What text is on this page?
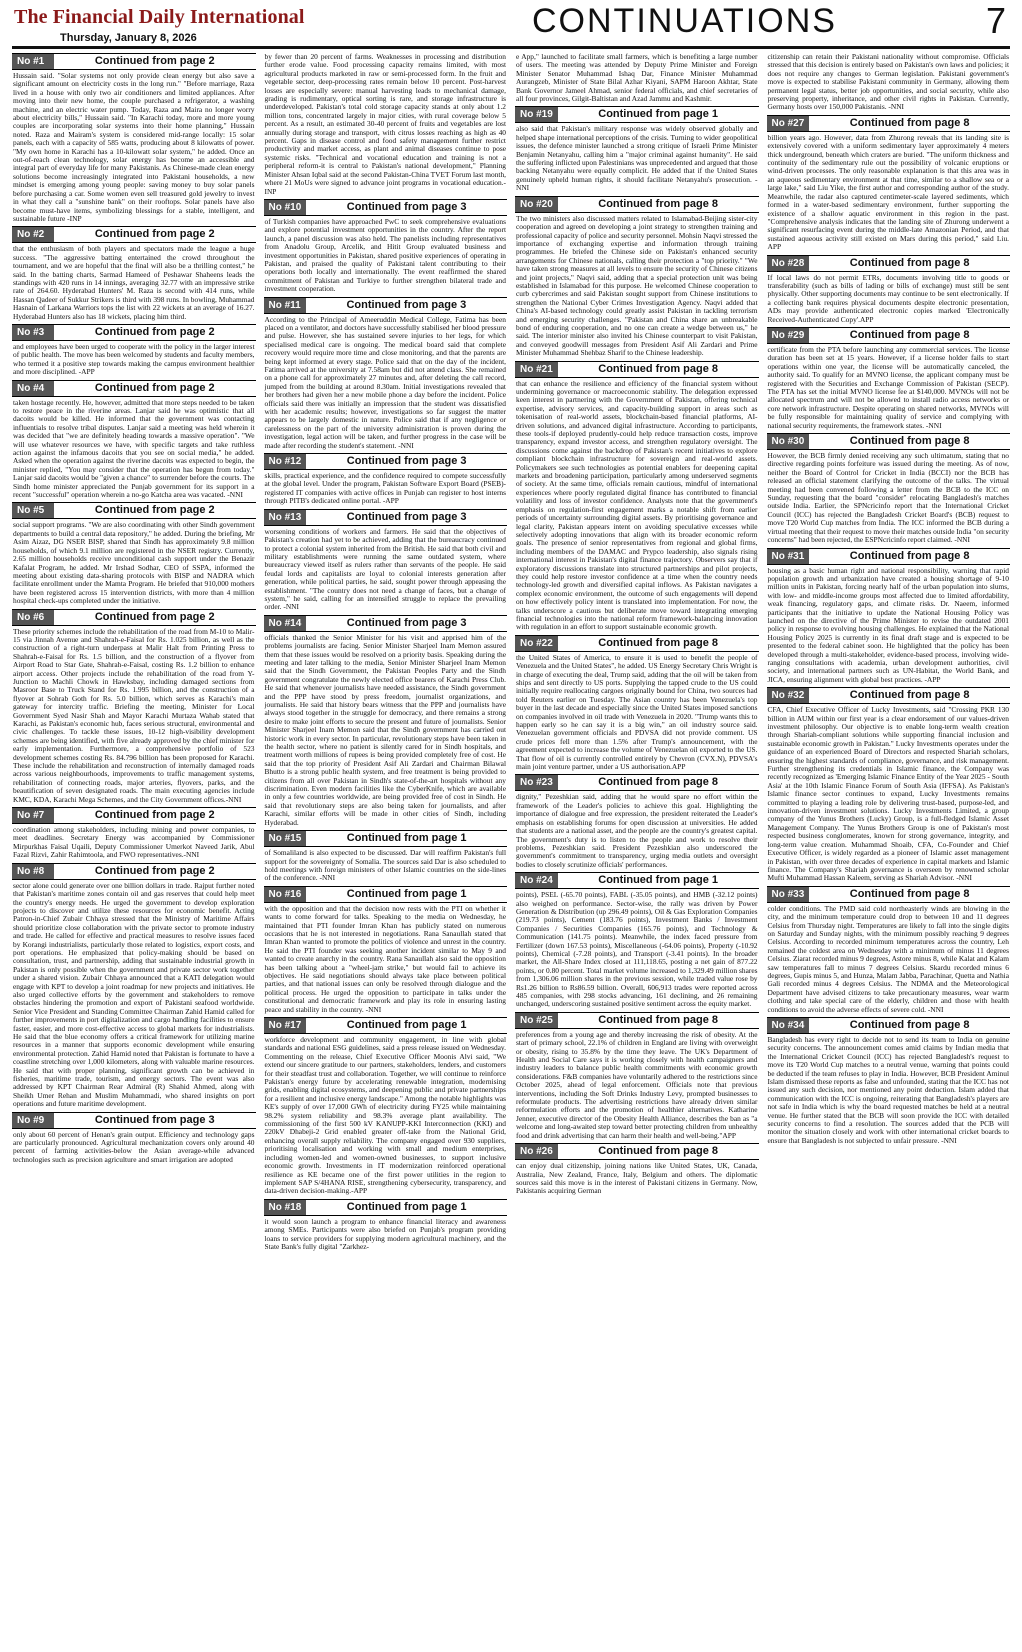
The Financial Daily International
Thursday, January 8, 2026	CONTINUATIONS	7
No #1	Continued from page 2

Hussain said. "Solar systems not only provide clean energy but also save a significant amount on electricity costs in the long run." "Before marriage, Raza lived in a house with only two air conditioners and limited appliances. After moving into their new home, the couple purchased a refrigerator, a washing machine, and an electric water pump. Today, Raza and Maira no longer worry about electricity bills," Hussain said. "In Karachi today, more and more young couples are incorporating solar systems into their home planning," Hussain noted. Raza and Mairam's system is considered mid-range locally: 15 solar panels, each with a capacity of 585 watts, producing about 8 kilowatts of power. "My own home in Karachi has a 10-kilowatt solar system," he added. Once an out-of-reach clean technology, solar energy has become an accessible and integral part of everyday life for many Pakistanis. As Chinese-made clean energy solutions become increasingly integrated into Pakistani households, a new mindset is emerging among young people: saving money to buy solar panels before purchasing a car. Some women even sell treasured gold jewelry to invest in what they call a "sunshine bank" on their rooftops. Solar panels have also become must-have items, symbolizing blessings for a stable, intelligent, and sustainable future -INP

No #2	Continued from page 2

that the enthusiasm of both players and spectators made the league a huge success. "The aggressive batting entertained the crowd throughout the tournament, and we are hopeful that the final will also be a thrilling contest," he said. In the batting charts, Sarmad Hameed of Peshawar Shaheens leads the standings with 420 runs in 14 innings, averaging 32.77 with an impressive strike rate of 264.60. Hyderabad Hunters' M. Raza is second with 414 runs, while Hassan Qadeer of Sukkur Strikers is third with 398 runs. In bowling, Muhammad Hasnain of Larkana Warriors tops the list with 22 wickets at an average of 16.27. Hyderabad Hunters also has 18 wickets, placing him third.

No #3	Continued from page 2

and employees have been urged to cooperate with the policy in the larger interest of public health. The move has been welcomed by students and faculty members, who termed it a positive step towards making the campus environment healthier and more disciplined. -APP

No #4	Continued from page 2

taken hostage recently. He, however, admitted that more steps needed to be taken to restore peace in the riverine areas. Lanjar said he was optimistic that all dacoits would be killed. He informed that the government was contacting influentials to resolve tribal disputes. Lanjar said a meeting was held wherein it was decided that "we are definitely heading towards a massive operation". "We will use whatever resources we have, with specific targets and take ruthless action against the infamous dacoits that you see on social media," he added. Asked when the operation against the riverine dacoits was expected to begin, the minister replied, "You may consider that the operation has begun from today." Lanjar said dacoits would be "given a chance" to surrender before the courts. The Sindh home minister appreciated the Punjab government for its support in a recent "successful" operation wherein a no-go Katcha area was vacated. -NNI

No #5	Continued from page 2

social support programs. "We are also coordinating with other Sindh government departments to build a central data repository," he added. During the briefing, Mr Asim Aizaz, DG NSER BISP, shared that Sindh has approximately 9.8 million households, of which 9.1 million are registered in the NSER registry. Currently, 2.65 million households receive unconditional cash support under the Benazir Kafalat Program, he added. Mr Irshad Sodhar, CEO of SSPA, informed the meeting about existing data-sharing protocols with BISP and NADRA which facilitate enrollment under the Mamta Program. He briefed that 910,000 mothers have been registered across 15 intervention districts, with more than 4 million hospital check-ups completed under the initiative.

No #6	Continued from page 2

These priority schemes include the rehabilitation of the road from M-10 to Malir-15 via Jinnah Avenue and Shahrah-e-Faisal for Rs. 1.025 billion, as well as the construction of a right-turn underpass at Malir Halt from Printing Press to Shahrah-e-Faisal for Rs. 1.5 billion, and the construction of a flyover from Airport Road to Star Gate, Shahrah-e-Faisal, costing Rs. 1.2 billion to enhance airport access. Other projects include the rehabilitation of the road from Y-Junction to Machli Chowk in Hawksbay, including damaged sections from Masroor Base to Truck Stand for Rs. 1.995 billion, and the construction of a flyover at Sohrab Goth for Rs. 5.0 billion, which serves as Karachi's main gateway for intercity traffic. Briefing the meeting, Minister for Local Government Syed Nasir Shah and Mayor Karachi Murtaza Wahab stated that Karachi, as Pakistan's economic hub, faces serious structural, environmental and civic challenges. To tackle these issues, 10-12 high-visibility development schemes are being identified, with five already approved by the chief minister for early implementation. Furthermore, a comprehensive portfolio of 523 development schemes costing Rs. 84.796 billion has been proposed for Karachi. These include the rehabilitation and reconstruction of internally damaged roads across various neighbourhoods, improvements to traffic management systems, rehabilitation of connecting roads, major arteries, flyovers, parks, and the beautification of seven designated roads. The main executing agencies include KMC, KDA, Karachi Mega Schemes, and the City Government offices.-NNI

No #7	Continued from page 2

coordination among stakeholders, including mining and power companies, to meet deadlines. Secretary Energy was accompanied by Commissioner Mirpurkhas Faisal Uqaili, Deputy Commissioner Umerkot Naveed Jarik, Abul Fazal Rizvi, Zahir Rahimtoola, and FWO representatives.-NNI

No #8	Continued from page 2

sector alone could generate over one billion dollars in trade. Rajput further noted that Pakistan's maritime zones contain oil and gas reserves that could help meet the country's energy needs. He urged the government to develop exploration projects to discover and utilize these resources for economic benefit. Acting Patron-in-Chief Zubair Chhaya stressed that the Ministry of Maritime Affairs should prioritize close collaboration with the private sector to promote industry and trade. He called for effective and practical measures to resolve issues faced by Korangi industrialists, particularly those related to logistics, export costs, and port operations. He emphasized that policy-making should be based on consultation, trust, and partnership, adding that sustainable industrial growth in Pakistan is only possible when the government and private sector work together under a shared vision. Zubair Chhaya announced that a KATI delegation would engage with KPT to develop a joint roadmap for new projects and initiatives. He also urged collective efforts by the government and stakeholders to remove obstacles hindering the promotion and export of Pakistani seafood worldwide. Senior Vice President and Standing Committee Chairman Zahid Hamid called for further improvements in port digitalization and cargo handling facilities to ensure faster, easier, and more cost-effective access to global markets for industrialists. He said that the blue economy offers a critical framework for utilizing marine resources in a manner that supports economic development while ensuring environmental protection. Zahid Hamid noted that Pakistan is fortunate to have a coastline stretching over 1,000 kilometers, along with valuable marine resources. He said that with proper planning, significant growth can be achieved in fisheries, maritime trade, tourism, and energy sectors. The event was also addressed by KPT Chairman Rear Admiral (R) Shahid Ahmed, along with Sheikh Umer Rehan and Muslim Muhammadi, who shared insights on port operations and future maritime development.

No #9	Continued from page 3

only about 60 percent of Henan's grain output. Efficiency and technology gaps are particularly pronounced. Agricultural mechanization covers only around 40 percent of farming activities-below the Asian average-while advanced technologies such as precision agriculture and smart irrigation are adopted

by fewer than 20 percent of farms. Weaknesses in processing and distribution further erode value. Food processing capacity remains limited, with most agricultural products marketed in raw or semi-processed form. In the fruit and vegetable sector, deep-processing rates remain below 10 percent. Post-harvest losses are especially severe: manual harvesting leads to mechanical damage, grading is rudimentary, optical sorting is rare, and storage infrastructure is underdeveloped. Pakistan's total cold storage capacity stands at only about 1.2 million tons, concentrated largely in major cities, with rural coverage below 5 percent. As a result, an estimated 30-40 percent of fruits and vegetables are lost annually during storage and transport, with citrus losses reaching as high as 40 percent. Gaps in disease control and food safety management further restrict productivity and market access, as plant and animal diseases continue to pose systemic risks. "Technical and vocational education and training is not a peripheral reform-it is central to Pakistan's national development," Planning Minister Ahsan Iqbal said at the second Pakistan-China TVET Forum last month, where 21 MoUs were signed to advance joint programs in vocational education.-INP

No #10	Continued from page 3

of Turkish companies have approached PwC to seek comprehensive evaluations and explore potential investment opportunities in the country. After the report launch, a panel discussion was also held. The panelists including representatives from Anadolu Group, Arcelik, and Hitit Group evaluated business and investment opportunities in Pakistan, shared positive experiences of operating in Pakistan, and praised the quality of Pakistani talent contributing to their operations both locally and internationally. The event reaffirmed the shared commitment of Pakistan and Turkiye to further strengthen bilateral trade and investment cooperation.

No #11	Continued from page 3

According to the Principal of Ameeruddin Medical College, Fatima has been placed on a ventilator, and doctors have successfully stabilised her blood pressure and pulse. However, she has sustained severe injuries to her legs, for which specialised medical care is ongoing. The medical board said that complete recovery would require more time and close monitoring, and that the parents are being kept informed at every stage. Police said that on the day of the incident, Fatima arrived at the university at 7.58am but did not attend class. She remained on a phone call for approximately 27 minutes and, after deleting the call record, jumped from the building at around 8.30am. Initial investigations revealed that her brothers had given her a new mobile phone a day before the incident. Police officials said there was initially an impression that the student was dissatisfied with her academic results; however, investigations so far suggest the matter appears to be largely domestic in nature. Police said that if any negligence or carelessness on the part of the university administration is proven during the investigation, legal action will be taken, and further progress in the case will be made after recording the student's statement. -NNI

No #12	Continued from page 3

skills, practical experience, and the confidence required to compete successfully at the global level. Under the program, Pakistan Software Export Board (PSEB)-registered IT companies with active offices in Punjab can register to host interns through PITB's dedicated online portal. -APP

No #13	Continued from page 3

worsening conditions of workers and farmers. He said that the objectives of Pakistan's creation had yet to be achieved, adding that the bureaucracy continued to protect a colonial system inherited from the British. He said that both civil and military establishments were running the same outdated system, where bureaucracy viewed itself as rulers rather than servants of the people. He said feudal lords and capitalists are loyal to colonial interests generation after generation, while political parties, he said, sought power through appeasing the establishment. "The country does not need a change of faces, but a change of system," he said, calling for an intensified struggle to replace the prevailing order. -NNI

No #14	Continued from page 3

officials thanked the Senior Minister for his visit and apprised him of the problems journalists are facing. Senior Minister Sharjeel Inam Memon assured them that these issues would be resolved on a priority basis. Speaking during the meeting and later talking to the media, Senior Minister Sharjeel Inam Memon said that the Sindh Government, the Pakistan Peoples Party and the Sindh government congratulate the newly elected office bearers of Karachi Press Club. He said that whenever journalists have needed assistance, the Sindh government and the PPP have stood by press freedom, journalist organizations, and journalists. He said that history bears witness that the PPP and journalists have always stood together in the struggle for democracy, and there remains a strong desire to make joint efforts to secure the present and future of journalists. Senior Minister Sharjeel Inam Memon said that the Sindh government has carried out historic work in every sector. In particular, revolutionary steps have been taken in the health sector, where no patient is silently cared for in Sindh hospitals, and treatment worth millions of rupees is being provided completely free of cost. He said that the top priority of President Asif Ali Zardari and Chairman Bilawal Bhutto is a strong public health system, and free treatment is being provided to citizens from all over Pakistan in Sindh's state-of-the-art hospitals without any discrimination. Even modern facilities like the CyberKnife, which are available in only a few countries worldwide, are being provided free of cost in Sindh. He said that revolutionary steps are also being taken for journalists, and after Karachi, similar efforts will be made in other cities of Sindh, including Hyderabad.

No #15	Continued from page 1

of Somaliland is also expected to be discussed. Dar will reaffirm Pakistan's full support for the sovereignty of Somalia. The sources said Dar is also scheduled to hold meetings with foreign ministers of other Islamic countries on the side-lines of the conference. -NNI

No #16	Continued from page 1

with the opposition and that the decision now rests with the PTI on whether it wants to come forward for talks. Speaking to the media on Wednesday, he maintained that PTI founder Imran Khan has publicly stated on numerous occasions that he is not interested in negotiations. Rana Sanaullah stated that Imran Khan wanted to promote the politics of violence and unrest in the country. He said the PTI founder was seeking another incident similar to May 9 and wanted to create anarchy in the country. Rana Sanaullah also said the opposition has been talking about a "wheel-jam strike," but would fail to achieve its objectives. He said negotiations should always take place between political parties, and that national issues can only be resolved through dialogue and the political process. He urged the opposition to participate in talks under the constitutional and democratic framework and play its role in ensuring lasting peace and stability in the country. -NNI

No #17	Continued from page 1

workforce development and community engagement, in line with global standards and national ESG guidelines, said a press release issued on Wednesday. Commenting on the release, Chief Executive Officer Moonis Alvi said, "We extend our sincere gratitude to our partners, stakeholders, lenders, and customers for their steadfast trust and collaboration. Together, we will continue to reinforce Pakistan's energy future by accelerating renewable integration, modernising grids, enabling digital ecosystems, and deepening public and private partnerships for a resilient and inclusive energy landscape." Among the notable highlights was KE's supply of over 17,000 GWh of electricity during FY25 while maintaining 98.2% system reliability and 98.3% average plant availability. The commissioning of the first 500 kV KANUPP-KKI Interconnection (KKI) and 220kV Dhabeji-2 Grid enabled greater off-take from the National Grid, enhancing overall supply reliability. The company engaged over 930 suppliers, prioritising localisation and working with small and medium enterprises, including women-led and women-owned businesses, to support inclusive economic growth. Investments in IT modernization reinforced operational resilience as KE became one of the first power utilities in the region to implement SAP S/4HANA RISE, strengthening cybersecurity, transparency, and data-driven decision-making.-APP

No #18	Continued from page 1

it would soon launch a program to enhance financial literacy and awareness among SMEs. Participants were also briefed on Punjab's program providing loans to service providers for supplying modern agricultural machinery, and the State Bank's fully digital "Zarkhez-

e App," launched to facilitate small farmers, which is benefiting a large number of users. The meeting was attended by Deputy Prime Minister and Foreign Minister Senator Muhammad Ishaq Dar, Finance Minister Muhammad Aurangzeb, Minister of State Bilal Azhar Kiyani, SAPM Haroon Akhtar, State Bank Governor Jameel Ahmad, senior federal officials, and chief secretaries of all four provinces, Gilgit-Baltistan and Azad Jammu and Kashmir.

No #19	Continued from page 1

also said that Pakistan's military response was widely observed globally and helped shape international perceptions of the crisis. Turning to wider geopolitical issues, the defence minister launched a strong critique of Israeli Prime Minister Benjamin Netanyahu, calling him a "major criminal against humanity". He said the suffering inflicted upon Palestinians was unprecedented and argued that those backing Netanyahu were equally complicit. He added that if the United States genuinely upheld human rights, it should facilitate Netanyahu's prosecution. -NNI

No #20	Continued from page 8

The two ministers also discussed matters related to Islamabad-Beijing sister-city cooperation and agreed on developing a joint strategy to strengthen training and professional capacity of police and security personnel. Mohsin Naqvi stressed the importance of exchanging expertise and information through training programmes. He briefed the Chinese side on Pakistan's enhanced security arrangements for Chinese nationals, calling their protection a "top priority." "We have taken strong measures at all levels to ensure the security of Chinese citizens and joint projects," Naqvi said, adding that a special protection unit was being established in Islamabad for this purpose. He welcomed Chinese cooperation to curb cybercrimes and said Pakistan sought support from Chinese institutions to strengthen the National Cyber Crimes Investigation Agency. Naqvi added that China's AI-based technology could greatly assist Pakistan in tackling terrorism and emerging security challenges. "Pakistan and China share an unbreakable bond of enduring cooperation, and no one can create a wedge between us," he said. The interior minister also invited his Chinese counterpart to visit Pakistan, and conveyed goodwill messages from President Asif Ali Zardari and Prime Minister Muhammad Shehbaz Sharif to the Chinese leadership.

No #21	Continued from page 8

that can enhance the resilience and efficiency of the financial system without undermining governance or macroeconomic stability. The delegation expressed keen interest in partnering with the Government of Pakistan, offering technical expertise, advisory services, and capacity-building support in areas such as tokenisation of real-world assets, blockchain-based financial platforms, AI-driven solutions, and advanced digital infrastructure. According to participants, these tools-if deployed prudently-could help reduce transaction costs, improve transparency, expand investor access, and strengthen regulatory oversight. The discussions come against the backdrop of Pakistan's recent initiatives to explore compliant blockchain infrastructure for sovereign and real-world assets. Policymakers see such technologies as potential enablers for deepening capital markets and broadening participation, particularly among underserved segments of society. At the same time, officials remain cautious, mindful of international experiences where poorly regulated digital finance has contributed to financial volatility and loss of investor confidence. Analysts note that the government's emphasis on regulation-first engagement marks a notable shift from earlier periods of uncertainty surrounding digital assets. By prioritising governance and legal clarity, Pakistan appears intent on avoiding speculative excesses while selectively adopting innovations that align with its broader economic reform goals. The presence of senior representatives from regional and global firms, including members of the DAMAC and Prypco leadership, also signals rising international interest in Pakistan's digital finance trajectory. Observers say that if exploratory discussions translate into structured partnerships and pilot projects, they could help restore investor confidence at a time when the country needs technology-led growth and diversified capital inflows. As Pakistan navigates a complex economic environment, the outcome of such engagements will depend on how effectively policy intent is translated into implementation. For now, the talks underscore a cautious but deliberate move toward integrating emerging financial technologies into the national reform framework-balancing innovation with regulation in an effort to support sustainable economic growth.

No #22	Continued from page 8

the United States of America, to ensure it is used to benefit the people of Venezuela and the United States", he added. US Energy Secretary Chris Wright is in charge of executing the deal, Trump said, adding that the oil will be taken from ships and sent directly to US ports. Supplying the tapped crude to the US could initially require reallocating cargoes originally bound for China, two sources had told Reuters earlier on Tuesday. The Asian country has been Venezuela's top buyer in the last decade and especially since the United States imposed sanctions on companies involved in oil trade with Venezuela in 2020. "Trump wants this to happen early so he can say it is a big win," an oil industry source said. Venezuelan government officials and PDVSA did not provide comment. US crude prices fell more than 1.5% after Trump's announcement, with the agreement expected to increase the volume of Venezuelan oil exported to the US. That flow of oil is currently controlled entirely by Chevron (CVX.N), PDVSA's main joint venture partner, under a US authorisation.APP

No #23	Continued from page 8

dignity," Pezeshkian said, adding that he would spare no effort within the framework of the Leader's policies to achieve this goal. Highlighting the importance of dialogue and free expression, the president reiterated the Leader's emphasis on establishing forums for open discussion at universities. He added that students are a national asset, and the people are the country's greatest capital. The government's duty is to listen to the people and work to resolve their problems, Pezeshkian said. President Pezeshkian also underscored the government's commitment to transparency, urging media outlets and oversight bodies to closely scrutinize officials' performances.

No #24	Continued from page 1

points), PSEL (-65.70 points), FABL (-35.05 points), and HMB (-32.12 points) also weighed on performance. Sector-wise, the rally was driven by Power Generation & Distribution (up 296.49 points), Oil & Gas Exploration Companies (219.73 points), Cement (183.76 points), Investment Banks / Investment Companies / Securities Companies (165.76 points), and Technology & Communication (141.75 points). Meanwhile, the index faced pressure from Fertilizer (down 167.53 points), Miscellaneous (-64.06 points), Property (-10.92 points), Chemical (-7.28 points), and Transport (-3.41 points). In the broader market, the All-Share Index closed at 111,118.65, posting a net gain of 877.22 points, or 0.80 percent. Total market volume increased to 1,329.49 million shares from 1,306.06 million shares in the previous session, while traded value rose by Rs1.26 billion to Rs86.59 billion. Overall, 606,913 trades were reported across 485 companies, with 298 stocks advancing, 161 declining, and 26 remaining unchanged, underscoring sustained positive sentiment across the equity market.

No #25	Continued from page 8

preferences from a young age and thereby increasing the risk of obesity. At the start of primary school, 22.1% of children in England are living with overweight or obesity, rising to 35.8% by the time they leave. The UK's Department of Health and Social Care says it is working closely with health campaigners and industry leaders to balance public health commitments with economic growth considerations. F&B companies have voluntarily adhered to the restrictions since October 2025, ahead of legal enforcement. Officials note that previous interventions, including the Soft Drinks Industry Levy, prompted businesses to reformulate products. The advertising restrictions have already driven similar reformulation efforts and the promotion of healthier alternatives. Katharine Jenner, executive director of the Obesity Health Alliance, describes the ban as "a welcome and long-awaited step toward better protecting children from unhealthy food and drink advertising that can harm their health and well-being."APP

No #26	Continued from page 8

can enjoy dual citizenship, joining nations like United States, UK, Canada, Australia, New Zealand, France, Italy, Belgium and others. The diplomatic sources said this move is in the interest of Pakistani citizens in Germany. Now, Pakistanis acquiring German

citizenship can retain their Pakistani nationality without compromise. Officials stressed that this decision is entirely based on Pakistan's own laws and policies; it does not require any changes to German legislation. Pakistani government's move is expected to stabilise Pakistani community in Germany, allowing them permanent legal status, better job opportunities, and social security, while also preserving property, inheritance, and other civil rights in Pakistan. Currently, Germany hosts over 150,000 Pakistanis. -NNI

No #27	Continued from page 8

billion years ago. However, data from Zhurong reveals that its landing site is extensively covered with a uniform sedimentary layer approximately 4 meters thick underground, beneath which craters are buried. "The uniform thickness and continuity of the sedimentary rule out the possibility of volcanic eruptions or wind-driven processes. The only reasonable explanation is that this area was in an aqueous sedimentary environment at that time, similar to a shallow sea or a large lake," said Liu Yike, the first author and corresponding author of the study. Meanwhile, the radar also captured centimeter-scale layered sediments, which formed in a water-based sedimentary environment, further supporting the existence of a shallow aquatic environment in this region in the past. "Comprehensive analysis indicates that the landing site of Zhurong underwent a significant resurfacing event during the middle-late Amazonian Period, and that sustained aqueous activity still existed on Mars during this period," said Liu. APP

No #28	Continued from page 8

If local laws do not permit ETRs, documents involving title to goods or transferability (such as bills of lading or bills of exchange) must still be sent physically. Other supporting documents may continue to be sent electronically. If a collecting bank requires physical documents despite electronic presentation, ADs may provide authenticated electronic copies marked 'Electronically Received-Authenticated Copy'.APP

No #29	Continued from page 8

certificate from the PTA before launching any commercial services. The license duration has been set at 15 years. However, if a license holder fails to start operations within one year, the license will be automatically canceled, the authority said. To qualify for an MVNO license, the applicant company must be registered with the Securities and Exchange Commission of Pakistan (SECP). The PTA has set the initial MVNO license fee at $140,000. MVNOs will not be allocated spectrum and will not be allowed to install radio access networks or core network infrastructure. Despite operating on shared networks, MVNOs will be fully responsible for maintaining quality of service and complying with national security requirements, the framework states. -NNI

No #30	Continued from page 8

However, the BCB firmly denied receiving any such ultimatum, stating that no directive regarding points forfeiture was issued during the meeting. As of now, neither the Board of Control for Cricket in India (BCCI) nor the BCB has released an official statement clarifying the outcome of the talks. The virtual meeting had been convened following a letter from the BCB to the ICC on Sunday, requesting that the board "consider" relocating Bangladesh's matches outside India. Earlier, the SPNcricinfo report that the International Cricket Council (ICC) has rejected the Bangladesh Cricket Board's (BCB) request to move T20 World Cup matches from India. The ICC informed the BCB during a virtual meeting that their request to move their matches outside India "on security concerns" had been rejected, the ESPNcricinfo report claimed. -NNI

No #31	Continued from page 8

housing as a basic human right and national responsibility, warning that rapid population growth and urbanization have created a housing shortage of 9-10 million units in Pakistan, forcing nearly half of the urban population into slums, with low- and middle-income groups most affected due to limited affordability, weak financing, regulatory gaps, and climate risks. Dr. Naeem, informed participants that the initiative to update the National Housing Policy was launched on the directive of the Prime Minister to revise the outdated 2001 policy in response to evolving housing challenges. He explained that the National Housing Policy 2025 is currently in its final draft stage and is expected to be presented to the federal cabinet soon. He highlighted that the policy has been developed through a multi-stakeholder, evidence-based process, involving wide-ranging consultations with academia, urban development authorities, civil society, and international partners such as UN-Habitat, the World Bank, and JICA, ensuring alignment with global best practices. -APP

No #32	Continued from page 8

CFA, Chief Executive Officer of Lucky Investments, said "Crossing PKR 130 billion in AUM within our first year is a clear endorsement of our values-driven investment philosophy. Our objective is to enable long-term wealth creation through Shariah-compliant solutions while supporting financial inclusion and sustainable economic growth in Pakistan." Lucky Investments operates under the guidance of an experienced Board of Directors and respected Shariah scholars, ensuring the highest standards of compliance, governance, and risk management. Further strengthening its credentials in Islamic finance, the Company was recently recognized as 'Emerging Islamic Finance Entity of the Year 2025 - South Asia' at the 10th Islamic Finance Forum of South Asia (IFFSA). As Pakistan's Islamic finance sector continues to expand, Lucky Investments remains committed to playing a leading role by delivering trust-based, purpose-led, and innovation-driven investment solutions. Lucky Investments Limited, a group company of the Yunus Brothers (Lucky) Group, is a full-fledged Islamic Asset Management Company. The Yunus Brothers Group is one of Pakistan's most respected business conglomerates, known for strong governance, integrity, and long-term value creation. Muhammad Shoaib, CFA, Co-Founder and Chief Executive Officer, is widely regarded as a pioneer of Islamic asset management in Pakistan, with over three decades of experience in capital markets and Islamic finance. The Company's Shariah governance is overseen by renowned scholar Mufti Muhammad Hassan Kaleem, serving as Shariah Advisor. -NNI

No #33	Continued from page 8

colder conditions. The PMD said cold northeasterly winds are blowing in the city, and the minimum temperature could drop to between 10 and 11 degrees Celsius from Thursday night. Temperatures are likely to fall into the single digits on Saturday and Sunday nights, with the minimum possibly reaching 9 degrees Celsius. According to recorded minimum temperatures across the country, Leh remained the coldest area on Wednesday with a minimum of minus 11 degrees Celsius. Ziarat recorded minus 9 degrees, Astore minus 8, while Kalat and Kalam saw temperatures fall to minus 7 degrees Celsius. Skardu recorded minus 6 degrees, Gupis minus 5, and Hunza, Malam Jabba, Parachinar, Quetta and Nathia Gali recorded minus 4 degrees Celsius. The NDMA and the Meteorological Department have advised citizens to take precautionary measures, wear warm clothing and take special care of the elderly, children and those with health conditions to avoid the adverse effects of severe cold. -NNI

No #34	Continued from page 8

Bangladesh has every right to decide not to send its team to India on genuine security concerns. The announcement comes amid claims by Indian media that the International Cricket Council (ICC) has rejected Bangladesh's request to move its T20 World Cup matches to a neutral venue, warning that points could be deducted if the team refuses to play in India. However, BCB President Aminul Islam dismissed these reports as false and unfounded, stating that the ICC has not issued any such decision, nor mentioned any point deduction. Islam added that communication with the ICC is ongoing, reiterating that Bangladesh's players are not safe in India which is why the board requested matches be held at a neutral venue. He further stated that the BCB will soon provide the ICC with detailed security concerns to find a resolution. The sources added that the PCB will monitor the situation closely and work with other international cricket boards to ensure that Bangladesh is not subjected to unfair pressure. -NNI
